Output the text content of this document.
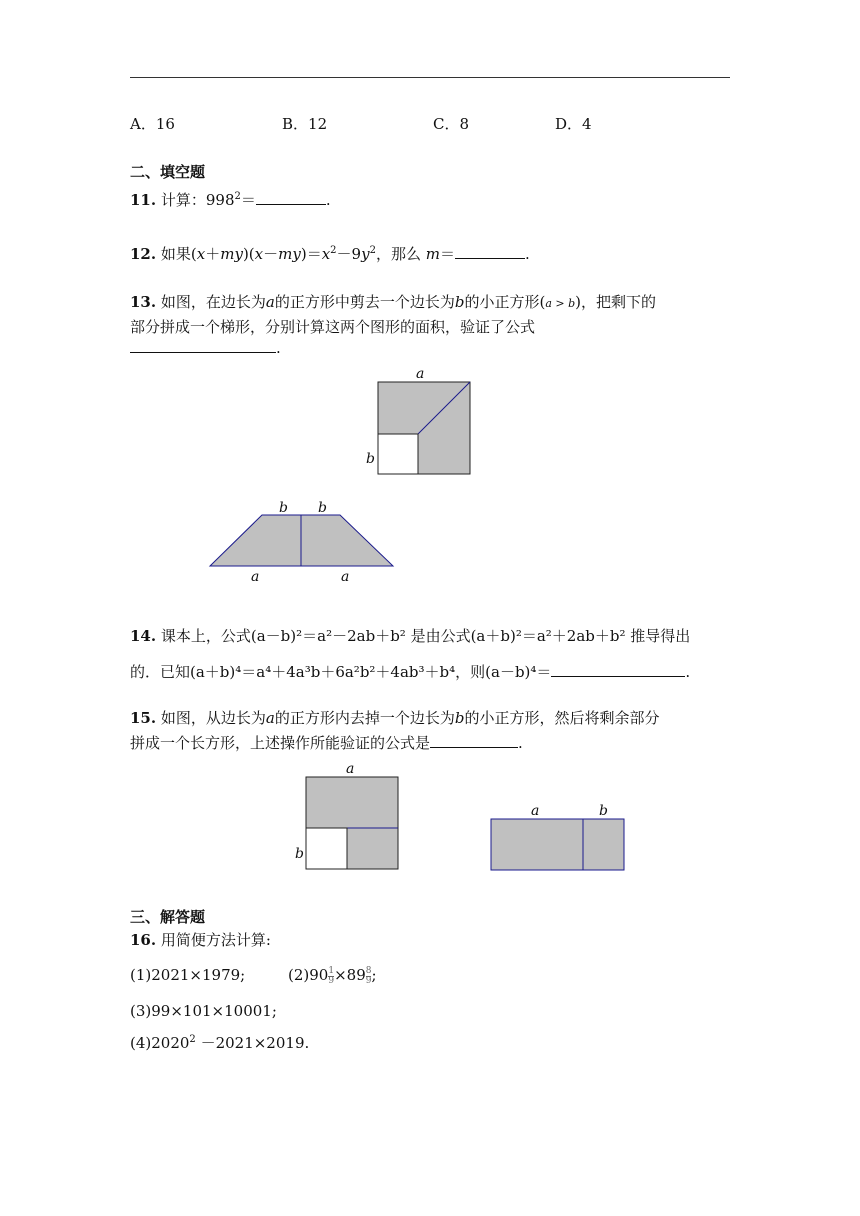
A．16	B．12	C．8	D．4
二、填空题
11. 计算：$998^2=$	.
12. 如果$(x+my)(x-my)=x^2-9y^2$，那么 m＝	.
13. 如图，在边长为a的正方形中剪去一个边长为b的小正方形(a > b)，把剩下的
部分拼成一个梯形，分别计算这两个图形的面积，验证了公式
.
a
b
b b
a	a
14. 课本上，公式(a－b)²＝a²－2ab＋b² 是由公式(a＋b)²＝a²＋2ab＋b² 推导得出
的．已知(a＋b)⁴＝a⁴＋4a³b＋6a²b²＋4ab³＋b⁴，则(a－b)⁴＝	.
15. 如图，从边长为a的正方形内去掉一个边长为b的小正方形，然后将剩余部分
拼成一个长方形，上述操作所能验证的公式是	.
a
b
a	b
三、解答题
16. 用简便方法计算:
(1)2021×1979;	$(2)90 \frac{1}{9} \times 89 \frac{8}{9}$ ;
(3)99×101×10001;
$(4)2020^2 -2021\times 2019$.
